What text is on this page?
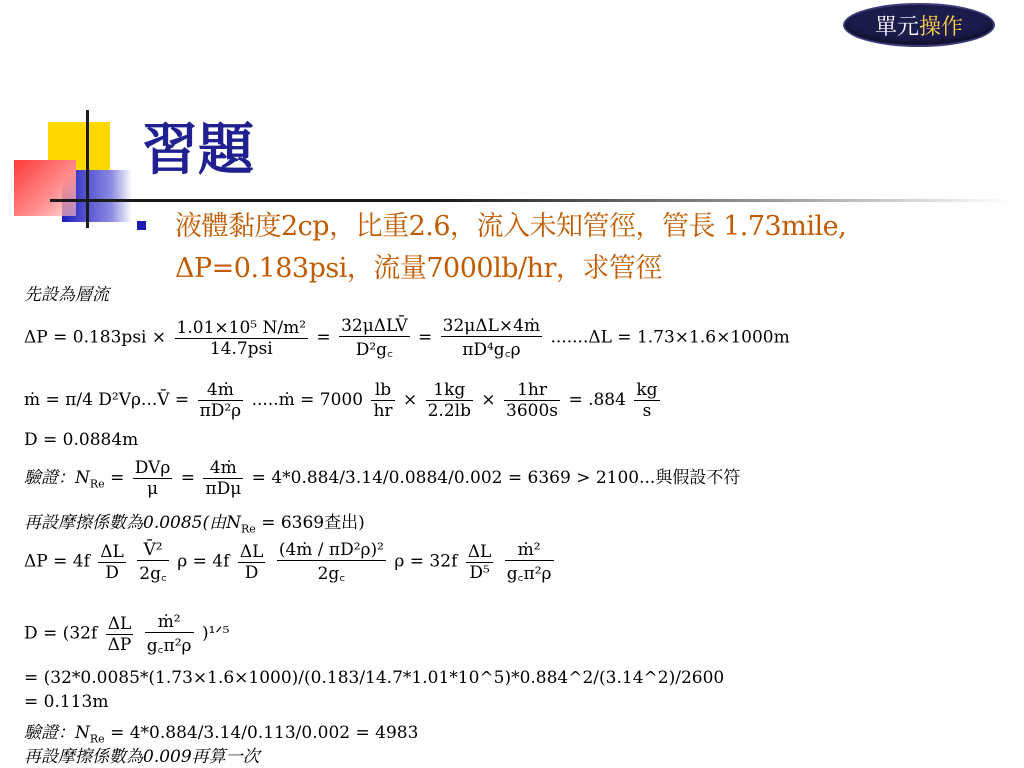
單元 操作
習題
液體黏度2cp，比重2.6，流入未知管徑，管長 1.73mile,
ΔP=0.183psi，流量7000lb/hr，求管徑
先設為層流
$\Delta P = 0.183psi \times \frac{\text{1.01×10⁵ N/m²}}{\text{14.7psi}} = \frac{\text{32μΔLV̄}}{\text{D²g꜀}} = \frac{\text{32μΔL×4ṁ}}{\text{πD⁴g꜀ρ}} .......\Delta L = 1.73\times 1.6\times 1000m$
ṁ = π/4 D²Vρ...V̄ = $\frac{\text{4ṁ}}{\text{πD²ρ}}$ .....ṁ = $7000 \frac{lb}{hr} \times \frac{1kg}{2.2lb} \times \frac{1hr}{3600s} = .884 \frac{kg}{s}$
D = 0.0884m
驗證：$N_{Re} = \frac{\text{DVρ}}{\mu} = \frac{\text{4ṁ}}{\text{πDμ}} = 4*0.884/3.14/0.0884/0.002 = 6369 > 2100$...與假設不符
再設摩擦係數為0.0085(由$N_{Re} = 6369$查出)
$\Delta P = 4f \frac{\Delta L}{D}$
$\frac{\text{V̄²}}{2g꜀}$ $\rho = 4f \frac{\Delta L}{D}$
$\frac{\text{(4ṁ / πD²ρ)²}}{2g꜀}$ $\rho = 32f \frac{\Delta L}{\text{D⁵}}$
$\frac{\text{ṁ²}}{\text{g꜀π²ρ}}$
$D = (32f \frac{\Delta L}{\Delta P}$
$\frac{\text{ṁ²}}{\text{g꜀π²ρ}}$ )¹ᐟ⁵
= (32*0.0085*(1.73×1.6×1000)/(0.183/14.7*1.01*10^5)*0.884^2/(3.14^2)/2600
= 0.113m
驗證：$N_{Re} = 4*0.884/3.14/0.113/0.002 = 4983$
再設摩擦係數為0.009再算一次
